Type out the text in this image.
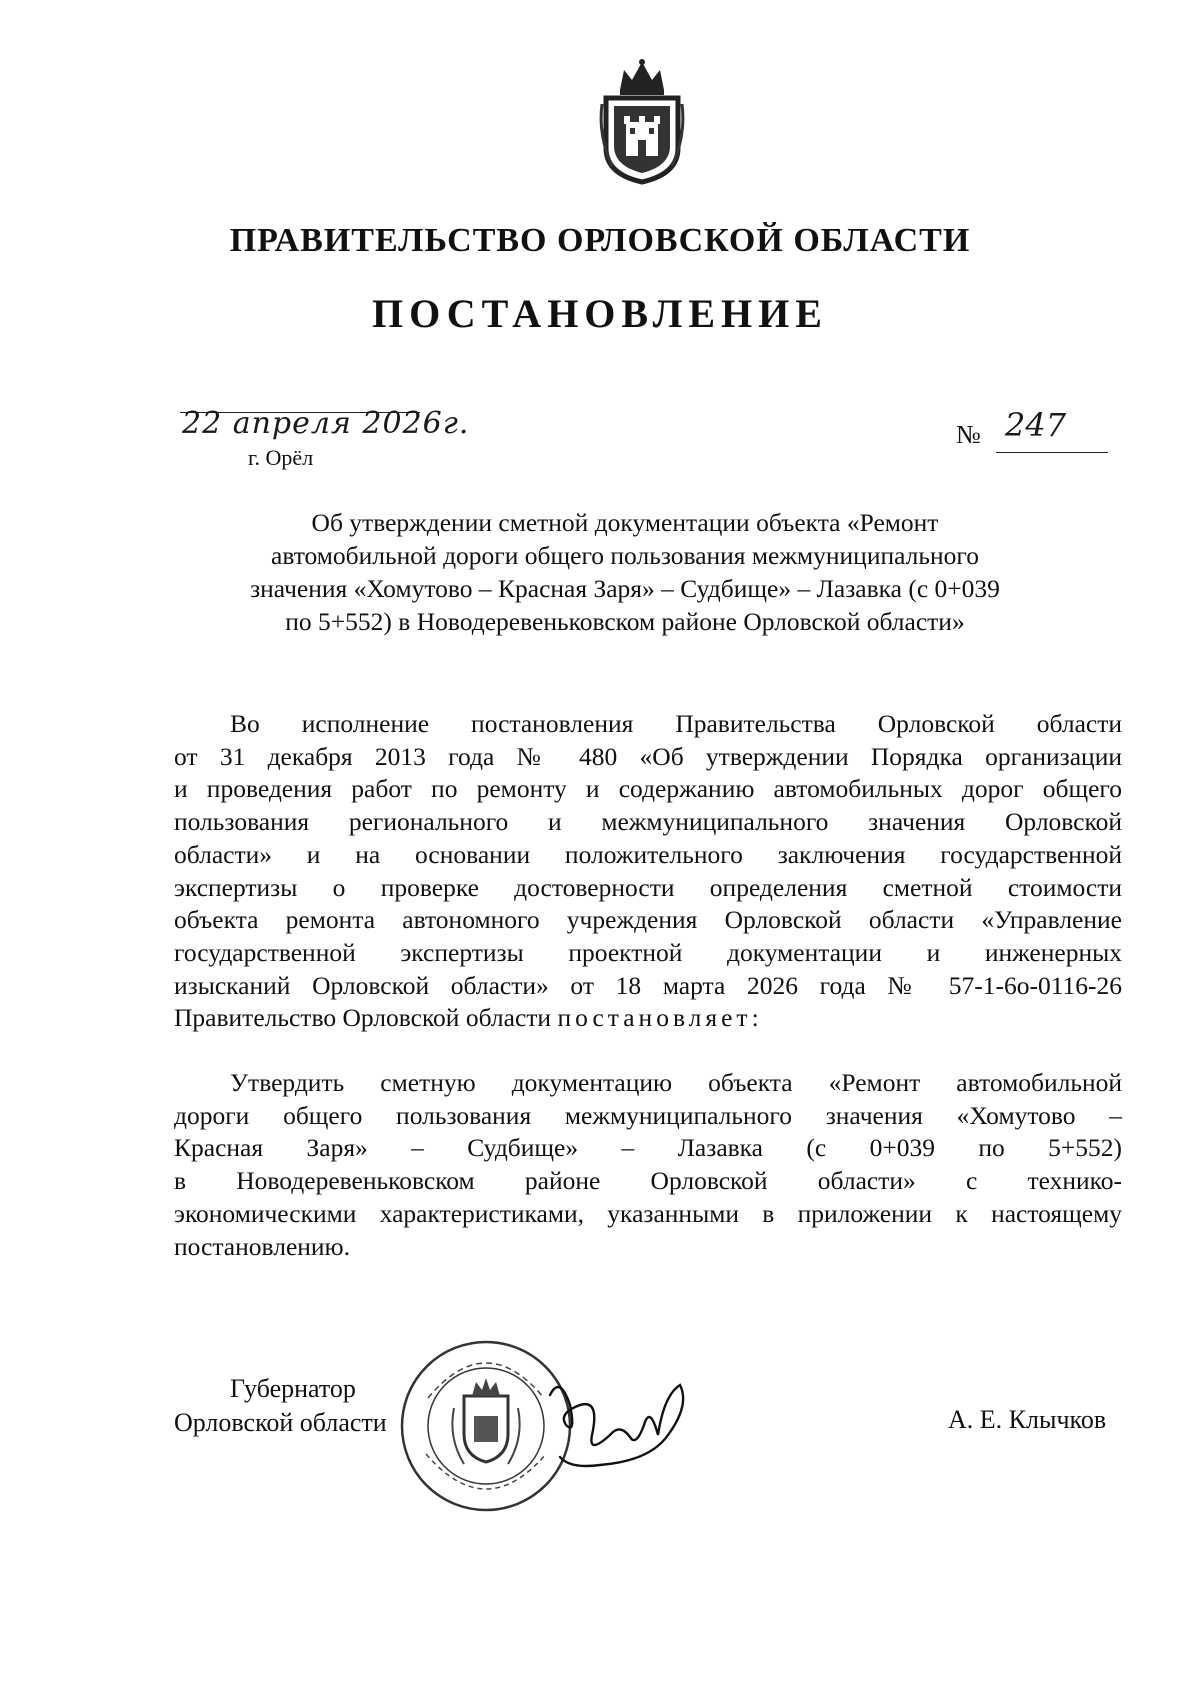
ПРАВИТЕЛЬСТВО ОРЛОВСКОЙ ОБЛАСТИ
ПОСТАНОВЛЕНИЕ
22 апреля 2026г.
г. Орёл
№ 247
Об утверждении сметной документации объекта «Ремонт
автомобильной дороги общего пользования межмуниципального
значения «Хомутово – Красная Заря» – Судбище» – Лазавка (с 0+039
по 5+552) в Новодеревеньковском районе Орловской области»
Во исполнение постановления Правительства Орловской области
от 31 декабря 2013 года № 480 «Об утверждении Порядка организации
и проведения работ по ремонту и содержанию автомобильных дорог общего
пользования регионального и межмуниципального значения Орловской
области» и на основании положительного заключения государственной
экспертизы о проверке достоверности определения сметной стоимости
объекта ремонта автономного учреждения Орловской области «Управление
государственной экспертизы проектной документации и инженерных
изысканий Орловской области» от 18 марта 2026 года № 57-1-6о-0116-26
Правительство Орловской области постановляет:
Утвердить сметную документацию объекта «Ремонт автомобильной
дороги общего пользования межмуниципального значения «Хомутово –
Красная Заря» – Судбище» – Лазавка (с 0+039 по 5+552)
в Новодеревеньковском районе Орловской области» с технико-
экономическими характеристиками, указанными в приложении к настоящему
постановлению.
Губернатор
Орловской области	А. Е. Клычков
